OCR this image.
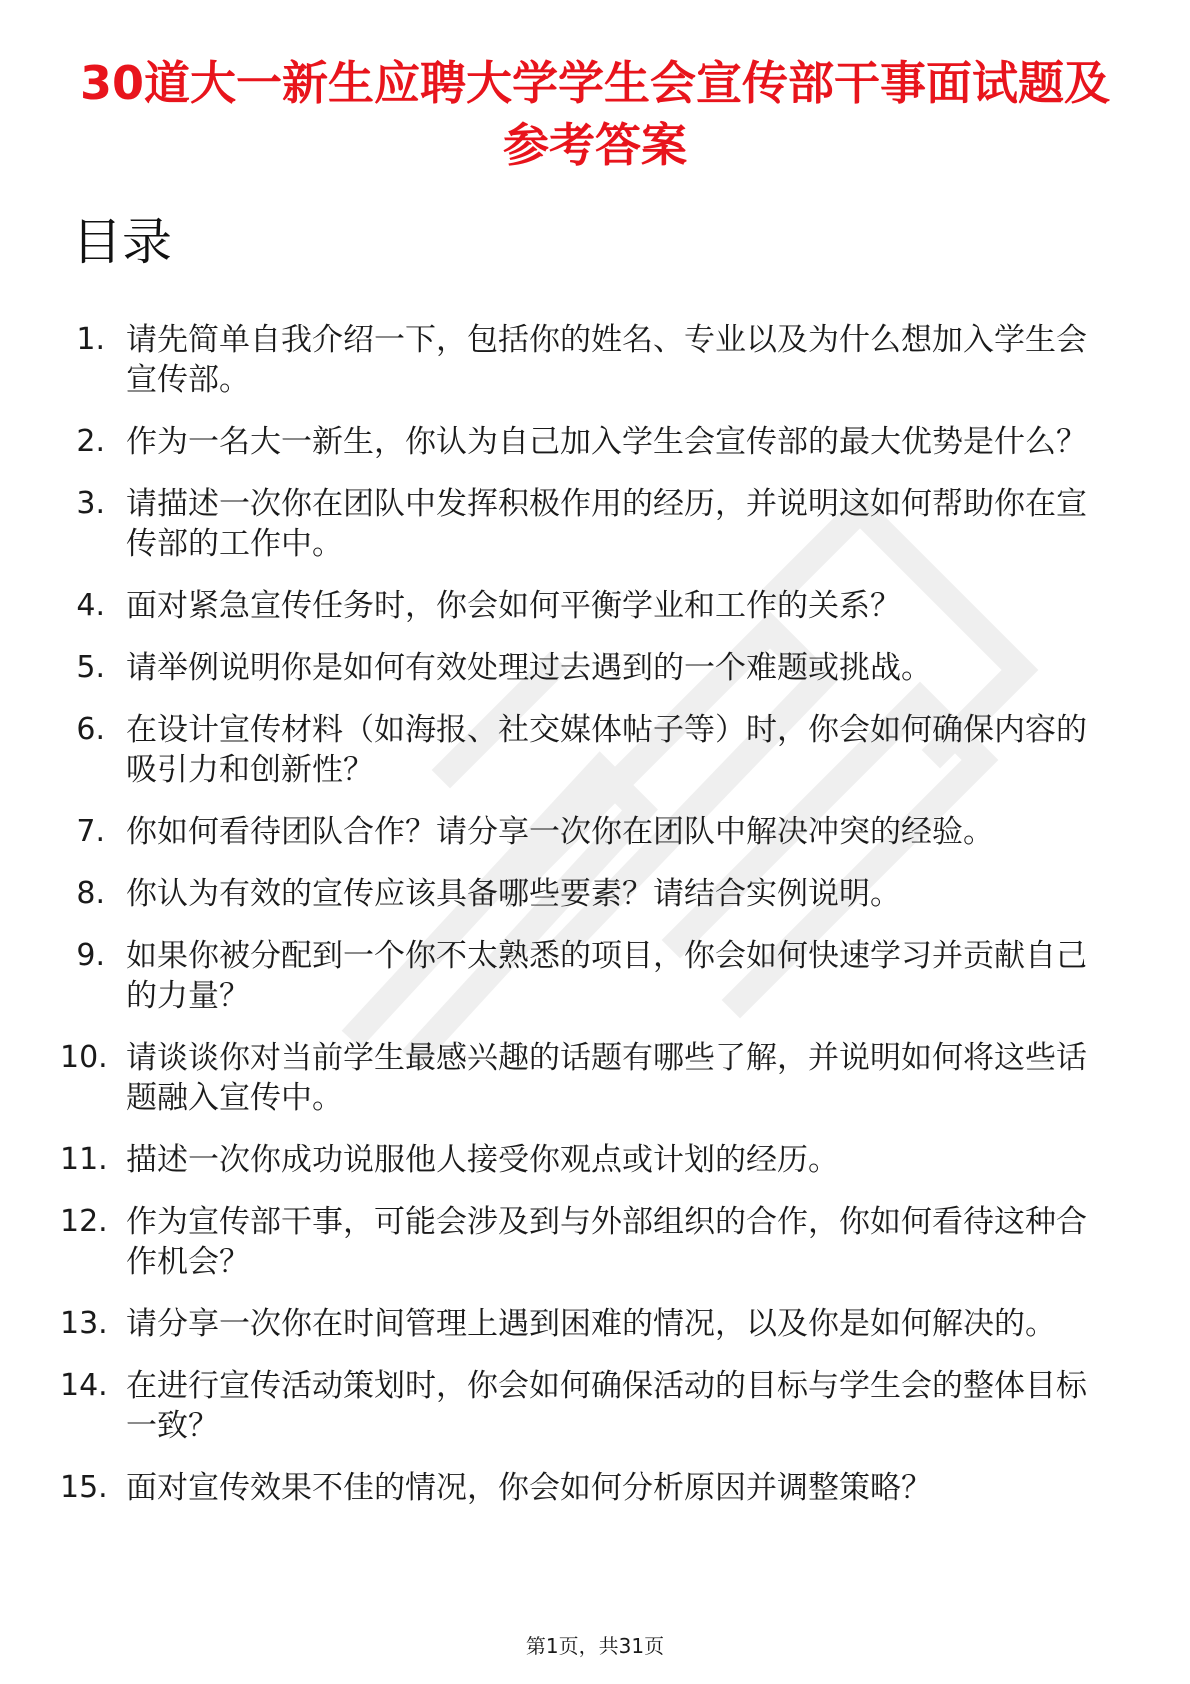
30道大一新生应聘大学学生会宣传部干事面试题及参考答案
目录
1. 请先简单自我介绍一下，包括你的姓名、专业以及为什么想加入学生会宣传部。
2. 作为一名大一新生，你认为自己加入学生会宣传部的最大优势是什么？
3. 请描述一次你在团队中发挥积极作用的经历，并说明这如何帮助你在宣传部的工作中。
4. 面对紧急宣传任务时，你会如何平衡学业和工作的关系？
5. 请举例说明你是如何有效处理过去遇到的一个难题或挑战。
6. 在设计宣传材料（如海报、社交媒体帖子等）时，你会如何确保内容的吸引力和创新性？
7. 你如何看待团队合作？请分享一次你在团队中解决冲突的经验。
8. 你认为有效的宣传应该具备哪些要素？请结合实例说明。
9. 如果你被分配到一个你不太熟悉的项目，你会如何快速学习并贡献自己的力量？
10. 请谈谈你对当前学生最感兴趣的话题有哪些了解，并说明如何将这些话题融入宣传中。
11. 描述一次你成功说服他人接受你观点或计划的经历。
12. 作为宣传部干事，可能会涉及到与外部组织的合作，你如何看待这种合作机会？
13. 请分享一次你在时间管理上遇到困难的情况，以及你是如何解决的。
14. 在进行宣传活动策划时，你会如何确保活动的目标与学生会的整体目标一致？
15. 面对宣传效果不佳的情况，你会如何分析原因并调整策略？
第1页，共31页
